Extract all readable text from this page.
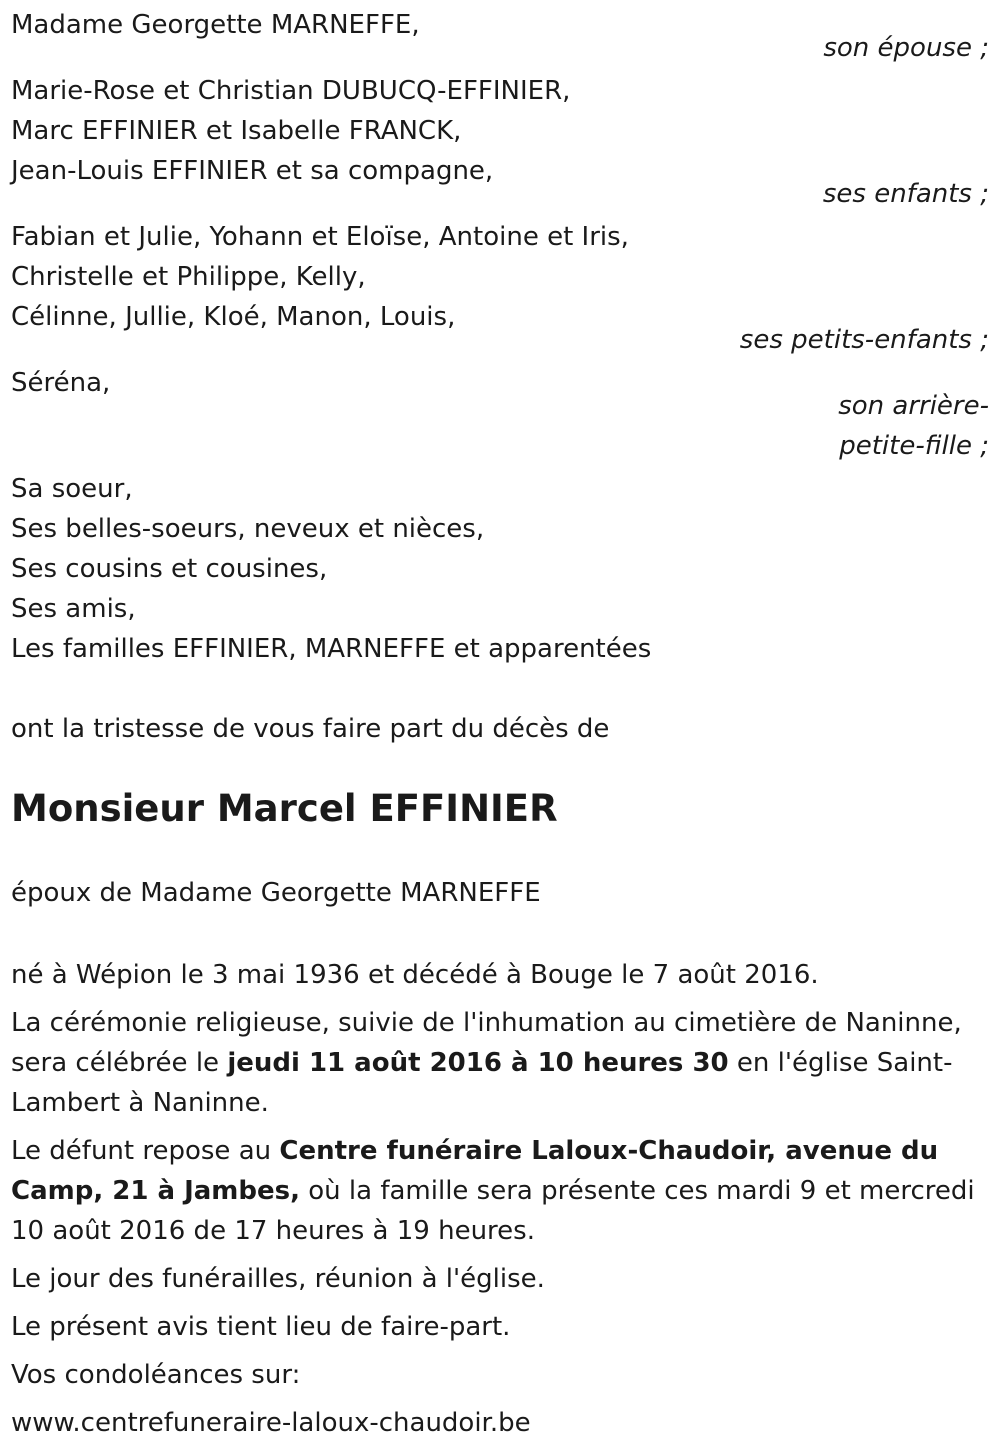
Madame Georgette MARNEFFE,
son épouse ;
Marie-Rose et Christian DUBUCQ-EFFINIER,
Marc EFFINIER et Isabelle FRANCK,
Jean-Louis EFFINIER et sa compagne,
ses enfants ;
Fabian et Julie, Yohann et Eloïse, Antoine et Iris,
Christelle et Philippe, Kelly,
Célinne, Jullie, Kloé, Manon, Louis,
ses petits-enfants ;
Séréna,
son arrière-
petite-fille ;
Sa soeur,
Ses belles-soeurs, neveux et nièces,
Ses cousins et cousines,
Ses amis,
Les familles EFFINIER, MARNEFFE et apparentées
ont la tristesse de vous faire part du décès de
Monsieur Marcel EFFINIER
époux de Madame Georgette MARNEFFE
né à Wépion le 3 mai 1936 et décédé à Bouge le 7 août 2016.
La cérémonie religieuse, suivie de l'inhumation au cimetière de Naninne,
sera célébrée le jeudi 11 août 2016 à 10 heures 30 en l'église Saint-
Lambert à Naninne.
Le défunt repose au Centre funéraire Laloux-Chaudoir, avenue du
Camp, 21 à Jambes, où la famille sera présente ces mardi 9 et mercredi
10 août 2016 de 17 heures à 19 heures.
Le jour des funérailles, réunion à l'église.
Le présent avis tient lieu de faire-part.
Vos condoléances sur:
www.centrefuneraire-laloux-chaudoir.be
